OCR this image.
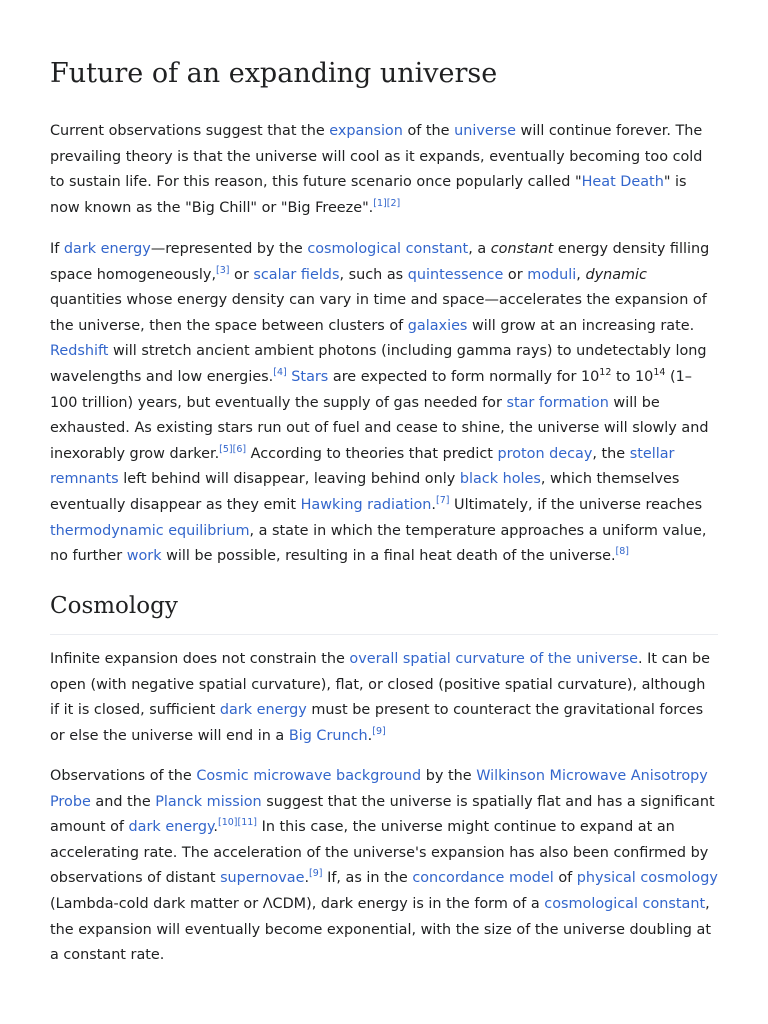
Future of an expanding universe
Current observations suggest that the expansion of the universe will continue forever. The prevailing theory is that the universe will cool as it expands, eventually becoming too cold to sustain life. For this reason, this future scenario once popularly called "Heat Death" is now known as the "Big Chill" or "Big Freeze".[1][2]
If dark energy—represented by the cosmological constant, a constant energy density filling space homogeneously,[3] or scalar fields, such as quintessence or moduli, dynamic quantities whose energy density can vary in time and space—accelerates the expansion of the universe, then the space between clusters of galaxies will grow at an increasing rate. Redshift will stretch ancient ambient photons (including gamma rays) to undetectably long wavelengths and low energies.[4] Stars are expected to form normally for $10^{12}$ to $10^{14}$ (1–100 trillion) years, but eventually the supply of gas needed for star formation will be exhausted. As existing stars run out of fuel and cease to shine, the universe will slowly and inexorably grow darker.[5][6] According to theories that predict proton decay, the stellar remnants left behind will disappear, leaving behind only black holes, which themselves eventually disappear as they emit Hawking radiation.[7] Ultimately, if the universe reaches thermodynamic equilibrium, a state in which the temperature approaches a uniform value, no further work will be possible, resulting in a final heat death of the universe.[8]
Cosmology
Infinite expansion does not constrain the overall spatial curvature of the universe. It can be open (with negative spatial curvature), flat, or closed (positive spatial curvature), although if it is closed, sufficient dark energy must be present to counteract the gravitational forces or else the universe will end in a Big Crunch.[9]
Observations of the Cosmic microwave background by the Wilkinson Microwave Anisotropy Probe and the Planck mission suggest that the universe is spatially flat and has a significant amount of dark energy.[10][11] In this case, the universe might continue to expand at an accelerating rate. The acceleration of the universe's expansion has also been confirmed by observations of distant supernovae.[9] If, as in the concordance model of physical cosmology (Lambda-cold dark matter or ΛCDM), dark energy is in the form of a cosmological constant, the expansion will eventually become exponential, with the size of the universe doubling at a constant rate.
